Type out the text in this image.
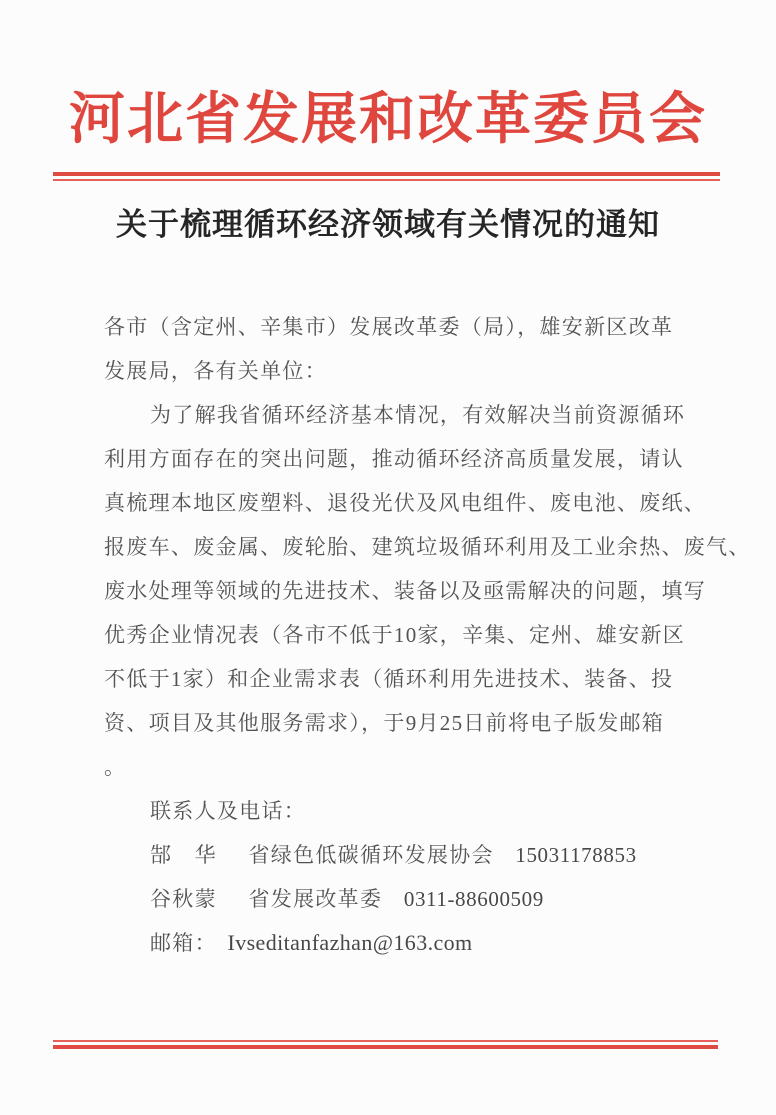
河北省发展和改革委员会
关于梳理循环经济领域有关情况的通知
各市（含定州、辛集市）发展改革委（局），雄安新区改革
发展局，各有关单位：
为了解我省循环经济基本情况，有效解决当前资源循环
利用方面存在的突出问题，推动循环经济高质量发展，请认
真梳理本地区废塑料、退役光伏及风电组件、废电池、废纸、
报废车、废金属、废轮胎、建筑垃圾循环利用及工业余热、废气、
废水处理等领域的先进技术、装备以及亟需解决的问题，填写
优秀企业情况表（各市不低于10家，辛集、定州、雄安新区
不低于1家）和企业需求表（循环利用先进技术、装备、投
资、项目及其他服务需求），于9月25日前将电子版发邮箱
。
联系人及电话：
郜　华 省绿色低碳循环发展协会 15031178853
谷秋蒙 省发展改革委 0311-88600509
邮箱： Ivseditanfazhan@163.com
